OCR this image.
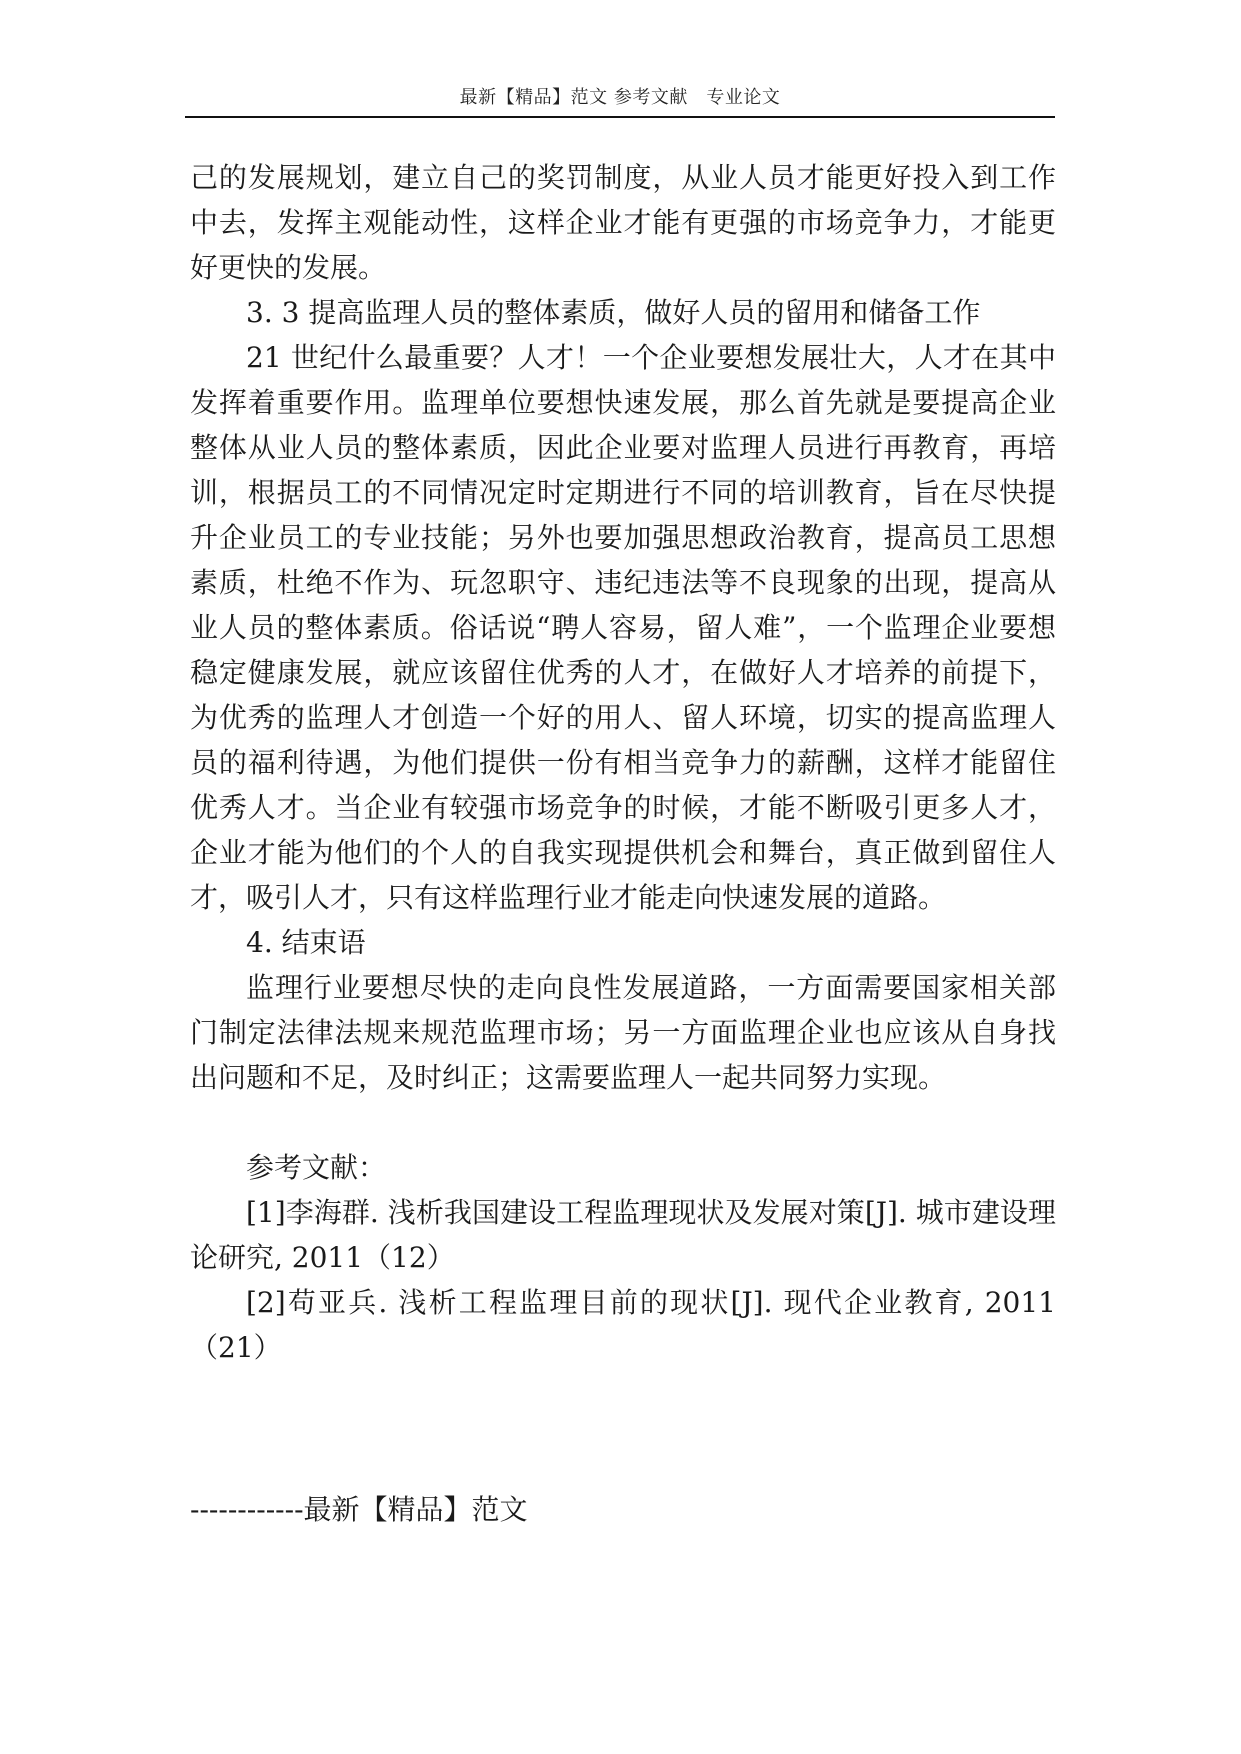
最新【精品】范文 参考文献　专业论文

己的发展规划，建立自己的奖罚制度，从业人员才能更好投入到工作中去，发挥主观能动性，这样企业才能有更强的市场竞争力，才能更好更快的发展。

3. 3 提高监理人员的整体素质，做好人员的留用和储备工作

21 世纪什么最重要？人才！一个企业要想发展壮大，人才在其中发挥着重要作用。监理单位要想快速发展，那么首先就是要提高企业整体从业人员的整体素质，因此企业要对监理人员进行再教育，再培训，根据员工的不同情况定时定期进行不同的培训教育，旨在尽快提升企业员工的专业技能；另外也要加强思想政治教育，提高员工思想素质，杜绝不作为、玩忽职守、违纪违法等不良现象的出现，提高从业人员的整体素质。俗话说“聘人容易，留人难”，一个监理企业要想稳定健康发展，就应该留住优秀的人才，在做好人才培养的前提下，为优秀的监理人才创造一个好的用人、留人环境，切实的提高监理人员的福利待遇，为他们提供一份有相当竞争力的薪酬，这样才能留住优秀人才。当企业有较强市场竞争的时候，才能不断吸引更多人才，企业才能为他们的个人的自我实现提供机会和舞台，真正做到留住人才，吸引人才，只有这样监理行业才能走向快速发展的道路。

4. 结束语

监理行业要想尽快的走向良性发展道路，一方面需要国家相关部门制定法律法规来规范监理市场；另一方面监理企业也应该从自身找出问题和不足，及时纠正；这需要监理人一起共同努力实现。

参考文献：

[1]李海群. 浅析我国建设工程监理现状及发展对策[J]. 城市建设理论研究, 2011（12）

[2]苟亚兵. 浅析工程监理目前的现状[J]. 现代企业教育, 2011（21）

------------最新【精品】范文
